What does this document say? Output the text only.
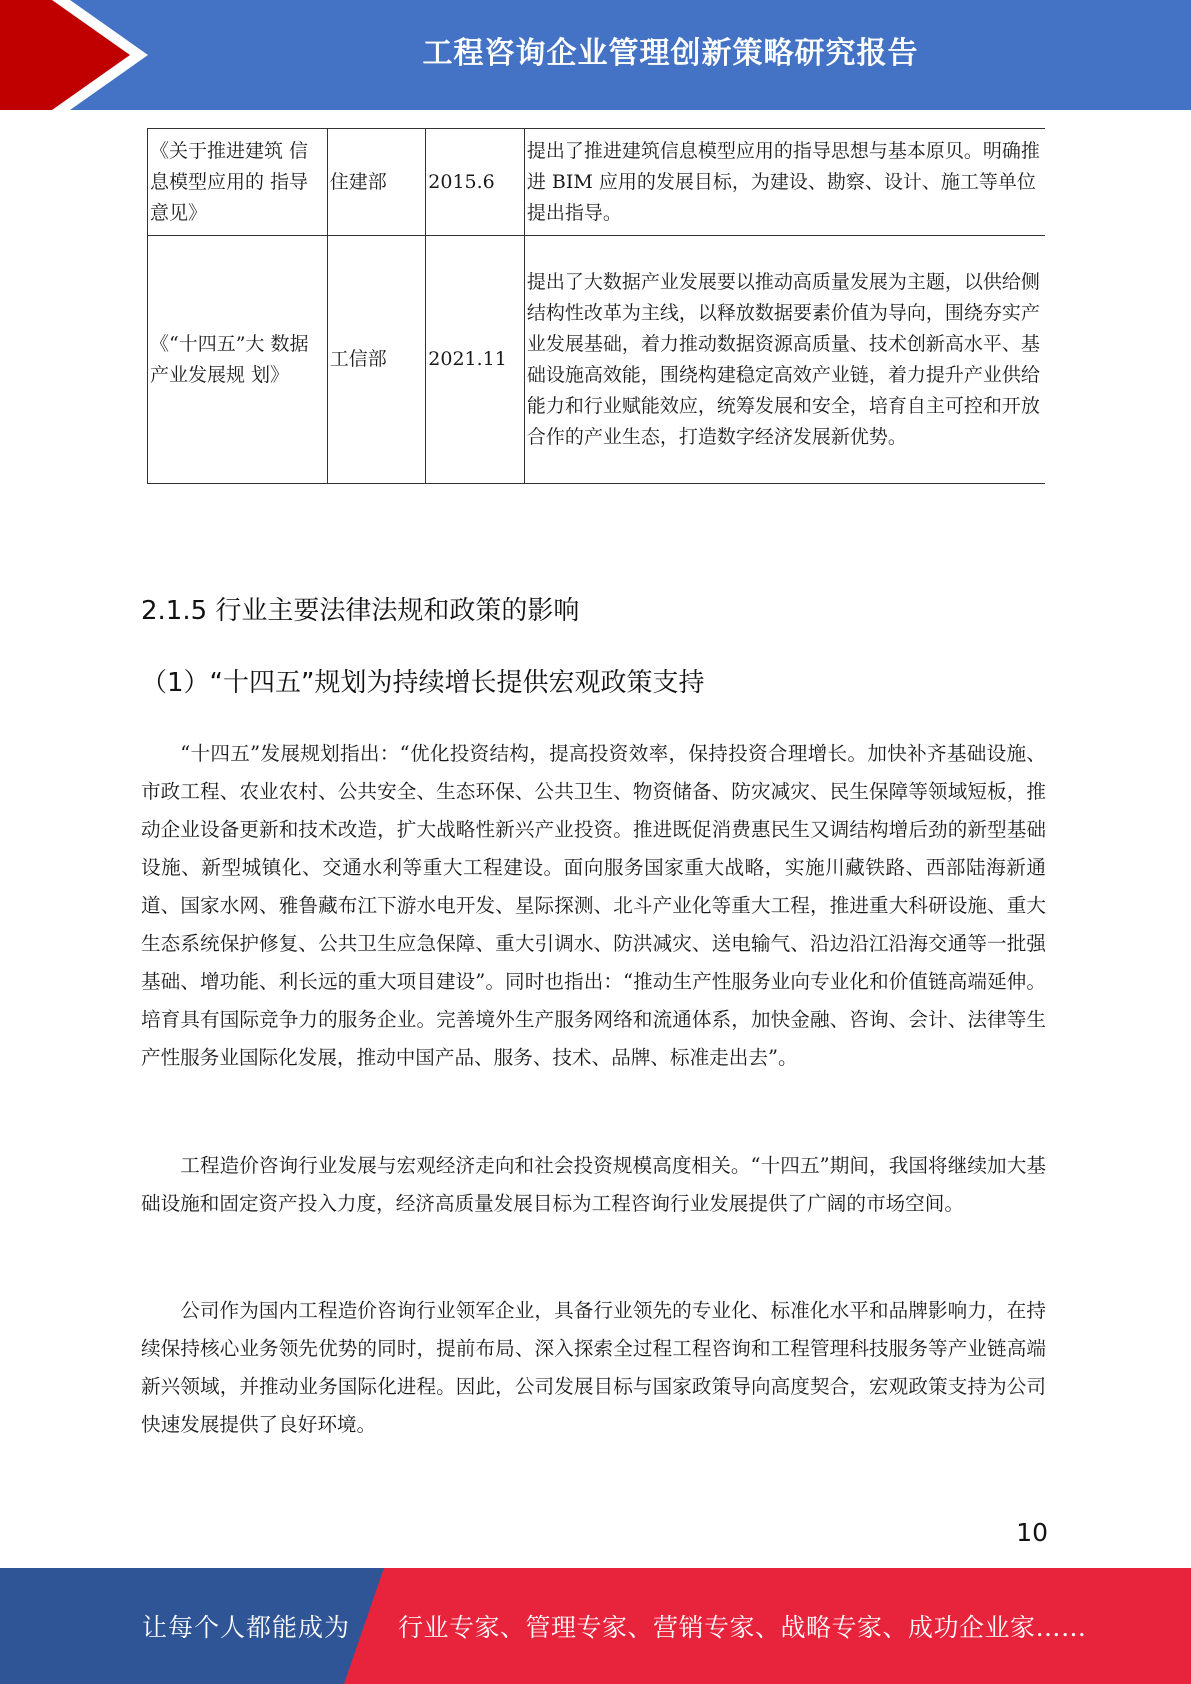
工程咨询企业管理创新策略研究报告
《关于推进建筑 信息模型应用的 指导意见》	住建部	2015.6	提出了推进建筑信息模型应用的指导思想与基本原贝。明确推进 BIM 应用的发展目标，为建设、勘察、设计、施工等单位提出指导。
《“十四五”大 数据产业发展规 划》	工信部	2021.11	提出了大数据产业发展要以推动高质量发展为主题，以供给侧结构性改革为主线，以释放数据要素价值为导向，围绕夯实产业发展基础，着力推动数据资源高质量、技术创新高水平、基础设施高效能，围绕构建稳定高效产业链，着力提升产业供给能力和行业赋能效应，统筹发展和安全，培育自主可控和开放合作的产业生态，打造数字经济发展新优势。
2.1.5 行业主要法律法规和政策的影响
（1）“十四五”规划为持续增长提供宏观政策支持

“十四五”发展规划指出：“优化投资结构，提高投资效率，保持投资合理增长。加快补齐基础设施、市政工程、农业农村、公共安全、生态环保、公共卫生、物资储备、防灾减灾、民生保障等领域短板，推动企业设备更新和技术改造，扩大战略性新兴产业投资。推进既促消费惠民生又调结构增后劲的新型基础设施、新型城镇化、交通水利等重大工程建设。面向服务国家重大战略，实施川藏铁路、西部陆海新通道、国家水网、雅鲁藏布江下游水电开发、星际探测、北斗产业化等重大工程，推进重大科研设施、重大生态系统保护修复、公共卫生应急保障、重大引调水、防洪减灾、送电输气、沿边沿江沿海交通等一批强基础、增功能、利长远的重大项目建设”。同时也指出：“推动生产性服务业向专业化和价值链高端延伸。培育具有国际竞争力的服务企业。完善境外生产服务网络和流通体系，加快金融、咨询、会计、法律等生产性服务业国际化发展，推动中国产品、服务、技术、品牌、标准走出去”。

工程造价咨询行业发展与宏观经济走向和社会投资规模高度相关。“十四五”期间，我国将继续加大基础设施和固定资产投入力度，经济高质量发展目标为工程咨询行业发展提供了广阔的市场空间。

公司作为国内工程造价咨询行业领军企业，具备行业领先的专业化、标准化水平和品牌影响力，在持续保持核心业务领先优势的同时，提前布局、深入探索全过程工程咨询和工程管理科技服务等产业链高端新兴领域，并推动业务国际化进程。因此，公司发展目标与国家政策导向高度契合，宏观政策支持为公司快速发展提供了良好环境。

10
让每个人都能成为 行业专家、管理专家、营销专家、战略专家、成功企业家……
